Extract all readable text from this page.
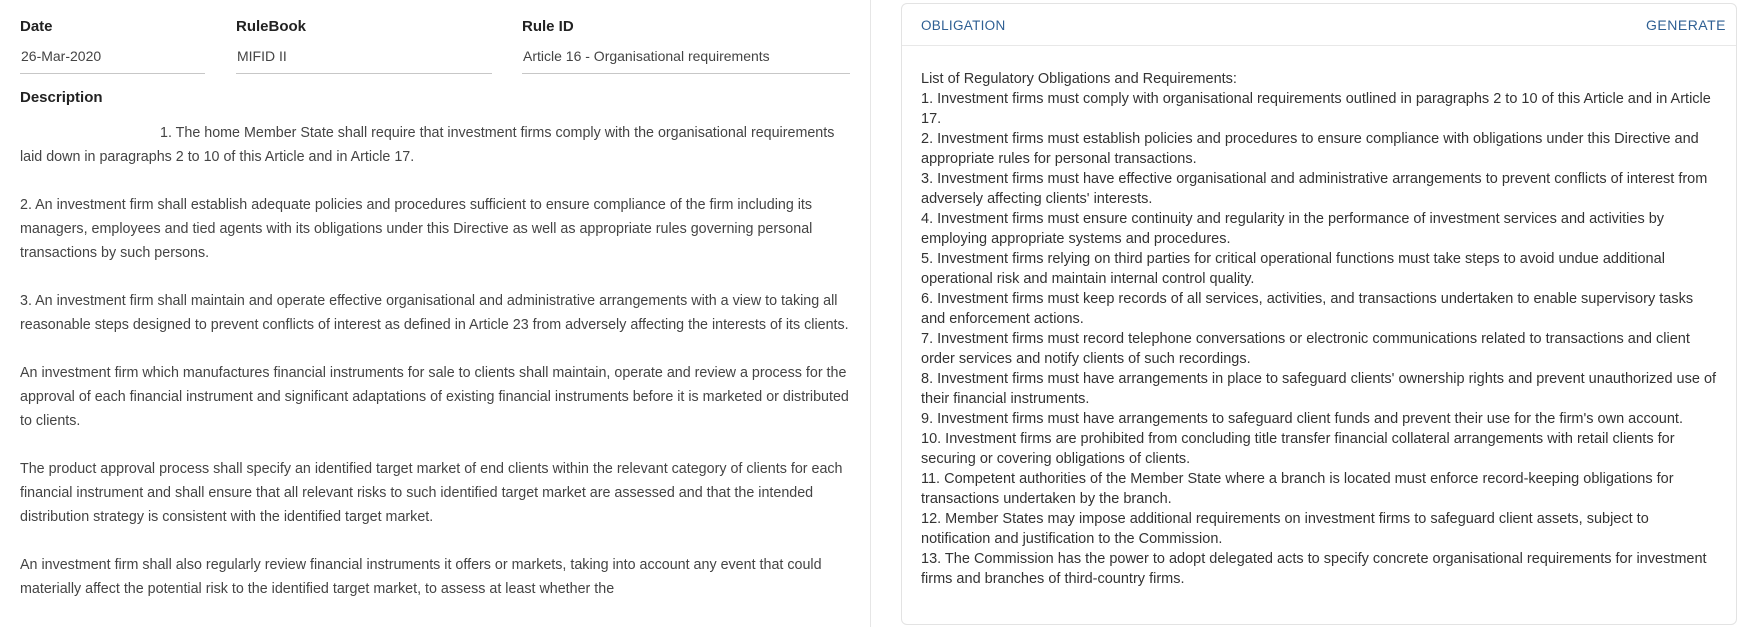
Date
26-Mar-2020
RuleBook
MIFID II
Rule ID
Article 16 - Organisational requirements
Description

1. The home Member State shall require that investment firms comply with the organisational requirements laid down in paragraphs 2 to 10 of this Article and in Article 17.

2. An investment firm shall establish adequate policies and procedures sufficient to ensure compliance of the firm including its managers, employees and tied agents with its obligations under this Directive as well as appropriate rules governing personal transactions by such persons.

3. An investment firm shall maintain and operate effective organisational and administrative arrangements with a view to taking all reasonable steps designed to prevent conflicts of interest as defined in Article 23 from adversely affecting the interests of its clients.

An investment firm which manufactures financial instruments for sale to clients shall maintain, operate and review a process for the approval of each financial instrument and significant adaptations of existing financial instruments before it is marketed or distributed to clients.

The product approval process shall specify an identified target market of end clients within the relevant category of clients for each financial instrument and shall ensure that all relevant risks to such identified target market are assessed and that the intended distribution strategy is consistent with the identified target market.

An investment firm shall also regularly review financial instruments it offers or markets, taking into account any event that could materially affect the potential risk to the identified target market, to assess at least whether the

OBLIGATION	GENERATE
List of Regulatory Obligations and Requirements:
1. Investment firms must comply with organisational requirements outlined in paragraphs 2 to 10 of this Article and in Article 17.
2. Investment firms must establish policies and procedures to ensure compliance with obligations under this Directive and appropriate rules for personal transactions.
3. Investment firms must have effective organisational and administrative arrangements to prevent conflicts of interest from adversely affecting clients' interests.
4. Investment firms must ensure continuity and regularity in the performance of investment services and activities by employing appropriate systems and procedures.
5. Investment firms relying on third parties for critical operational functions must take steps to avoid undue additional operational risk and maintain internal control quality.
6. Investment firms must keep records of all services, activities, and transactions undertaken to enable supervisory tasks and enforcement actions.
7. Investment firms must record telephone conversations or electronic communications related to transactions and client order services and notify clients of such recordings.
8. Investment firms must have arrangements in place to safeguard clients' ownership rights and prevent unauthorized use of their financial instruments.
9. Investment firms must have arrangements to safeguard client funds and prevent their use for the firm's own account.
10. Investment firms are prohibited from concluding title transfer financial collateral arrangements with retail clients for securing or covering obligations of clients.
11. Competent authorities of the Member State where a branch is located must enforce record-keeping obligations for transactions undertaken by the branch.
12. Member States may impose additional requirements on investment firms to safeguard client assets, subject to notification and justification to the Commission.
13. The Commission has the power to adopt delegated acts to specify concrete organisational requirements for investment firms and branches of third-country firms.
